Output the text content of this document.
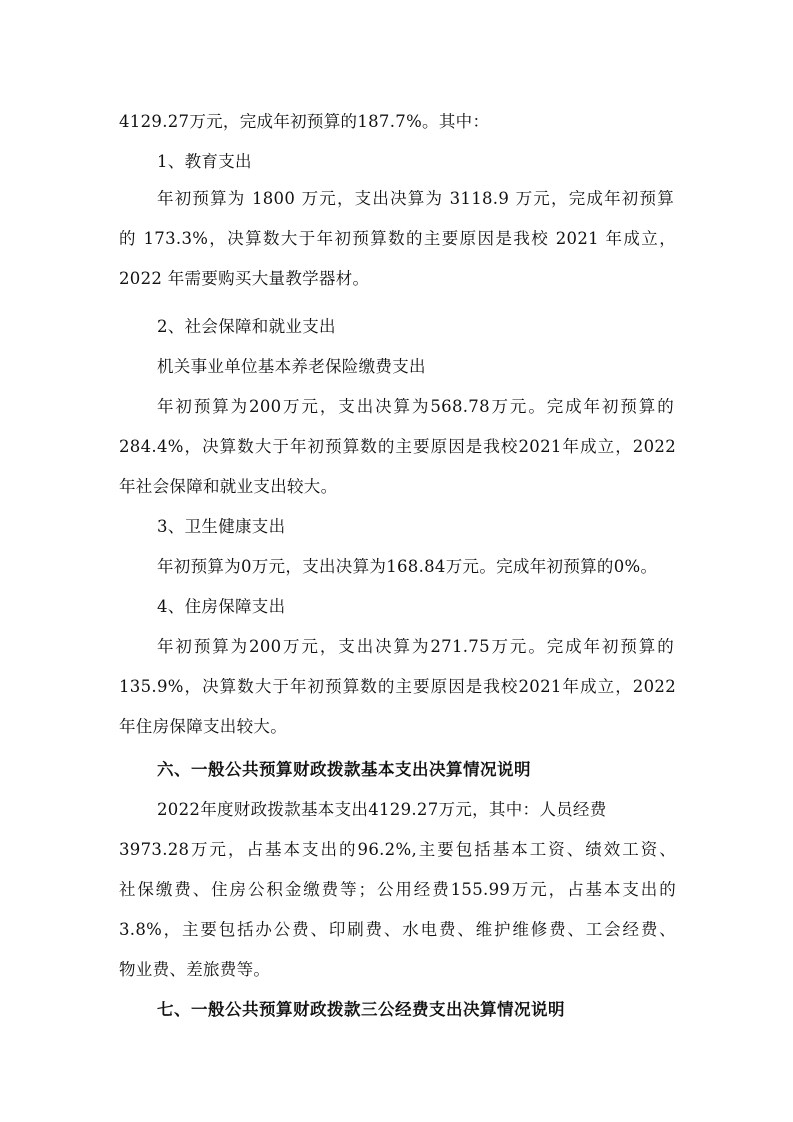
4129.27万元，完成年初预算的187.7%。其中：
1、教育支出
年初预算为 1800 万元，支出决算为 3118.9 万元，完成年初预算
的 173.3%，决算数大于年初预算数的主要原因是我校 2021 年成立，
2022 年需要购买大量教学器材。
2、社会保障和就业支出
机关事业单位基本养老保险缴费支出
年初预算为200万元，支出决算为568.78万元。完成年初预算的
284.4%，决算数大于年初预算数的主要原因是我校2021年成立，2022
年社会保障和就业支出较大。
3、卫生健康支出
年初预算为0万元，支出决算为168.84万元。完成年初预算的0%。
4、住房保障支出
年初预算为200万元，支出决算为271.75万元。完成年初预算的
135.9%，决算数大于年初预算数的主要原因是我校2021年成立，2022
年住房保障支出较大。
六、一般公共预算财政拨款基本支出决算情况说明
2022年度财政拨款基本支出4129.27万元，其中：人员经费
3973.28万元，占基本支出的96.2%,主要包括基本工资、绩效工资、
社保缴费、住房公积金缴费等；公用经费155.99万元，占基本支出的
3.8%，主要包括办公费、印刷费、水电费、维护维修费、工会经费、
物业费、差旅费等。
七、一般公共预算财政拨款三公经费支出决算情况说明
